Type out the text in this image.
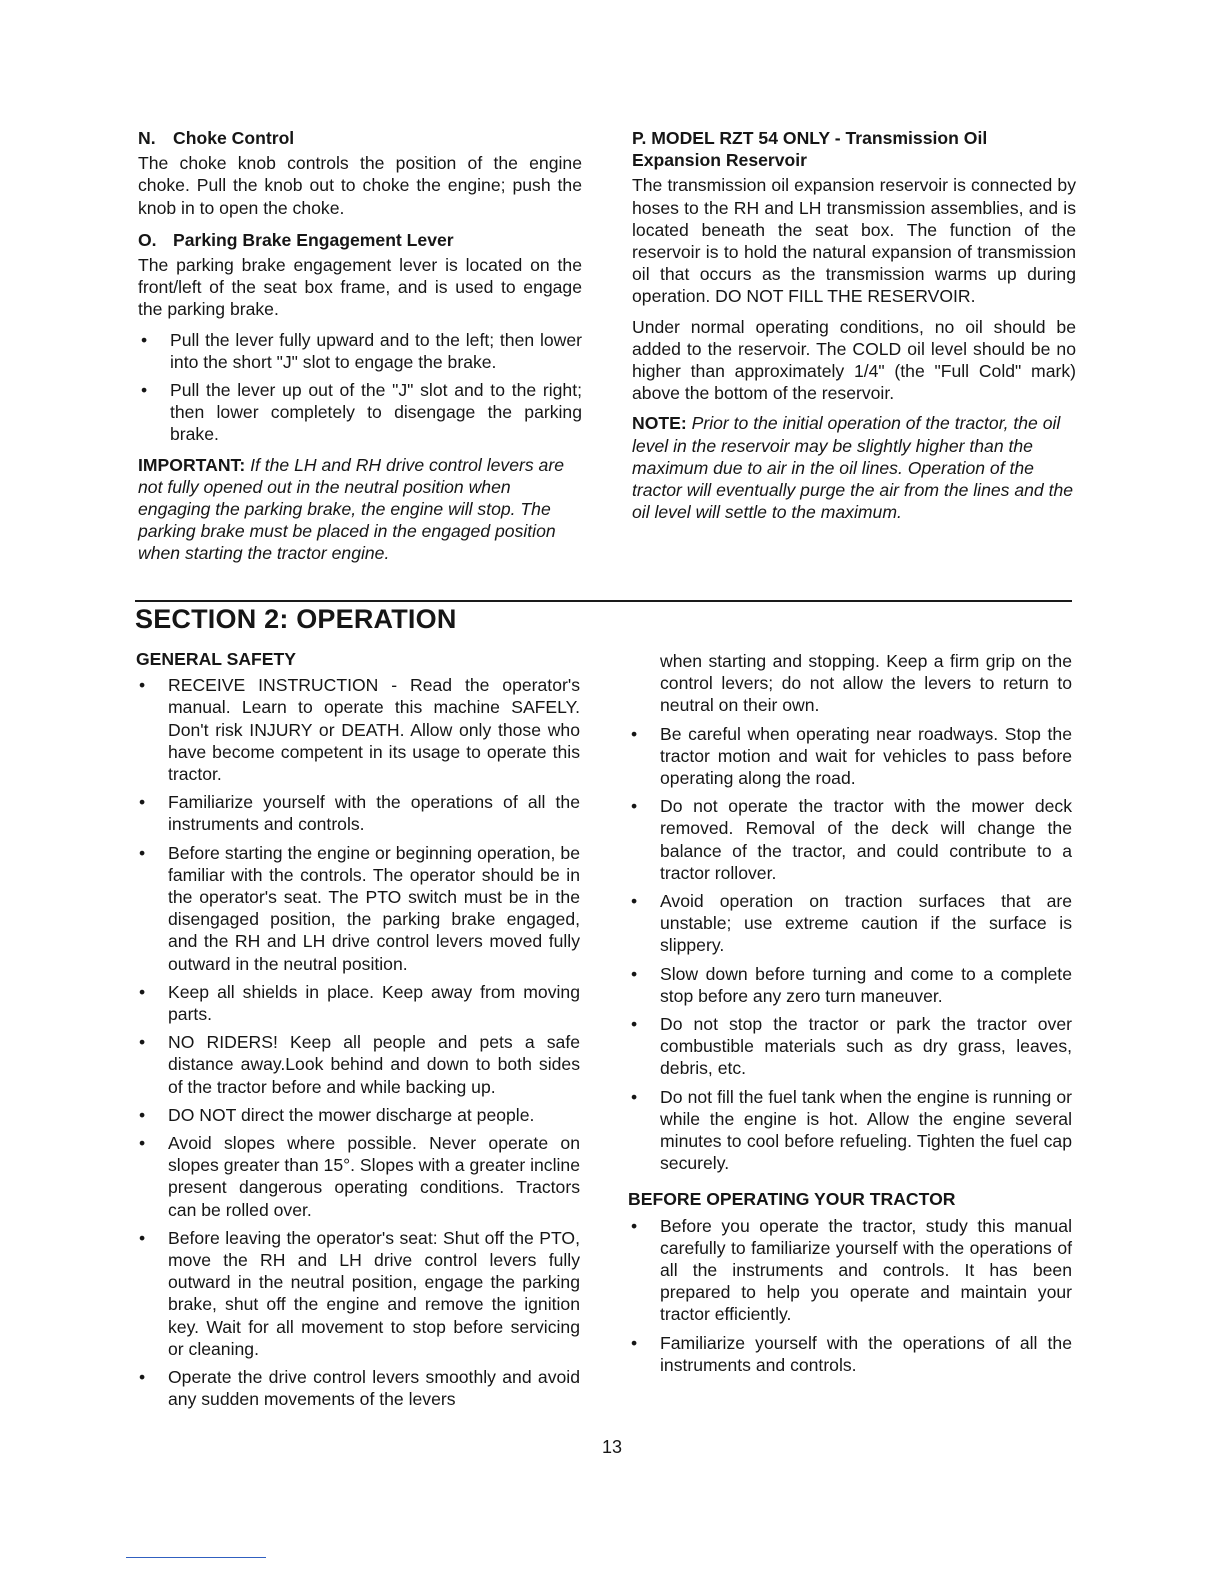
N. Choke Control

The choke knob controls the position of the engine choke. Pull the knob out to choke the engine; push the knob in to open the choke.

O. Parking Brake Engagement Lever

The parking brake engagement lever is located on the front/left of the seat box frame, and is used to engage the parking brake.

• Pull the lever fully upward and to the left; then lower into the short "J" slot to engage the brake.
• Pull the lever up out of the "J" slot and to the right; then lower completely to disengage the parking brake.

IMPORTANT: If the LH and RH drive control levers are not fully opened out in the neutral position when engaging the parking brake, the engine will stop. The parking brake must be placed in the engaged position when starting the tractor engine.

P. MODEL RZT 54 ONLY - Transmission Oil Expansion Reservoir

The transmission oil expansion reservoir is connected by hoses to the RH and LH transmission assemblies, and is located beneath the seat box. The function of the reservoir is to hold the natural expansion of transmission oil that occurs as the transmission warms up during operation. DO NOT FILL THE RESERVOIR.

Under normal operating conditions, no oil should be added to the reservoir. The COLD oil level should be no higher than approximately 1/4" (the "Full Cold" mark) above the bottom of the reservoir.

NOTE: Prior to the initial operation of the tractor, the oil level in the reservoir may be slightly higher than the maximum due to air in the oil lines. Operation of the tractor will eventually purge the air from the lines and the oil level will settle to the maximum.

SECTION 2: OPERATION
GENERAL SAFETY
• RECEIVE INSTRUCTION - Read the operator's manual. Learn to operate this machine SAFELY. Don't risk INJURY or DEATH. Allow only those who have become competent in its usage to operate this tractor.
• Familiarize yourself with the operations of all the instruments and controls.
• Before starting the engine or beginning operation, be familiar with the controls. The operator should be in the operator's seat. The PTO switch must be in the disengaged position, the parking brake engaged, and the RH and LH drive control levers moved fully outward in the neutral position.
• Keep all shields in place. Keep away from moving parts.
• NO RIDERS! Keep all people and pets a safe distance away.Look behind and down to both sides of the tractor before and while backing up.
• DO NOT direct the mower discharge at people.
• Avoid slopes where possible. Never operate on slopes greater than 15°. Slopes with a greater incline present dangerous operating conditions. Tractors can be rolled over.
• Before leaving the operator's seat: Shut off the PTO, move the RH and LH drive control levers fully outward in the neutral position, engage the parking brake, shut off the engine and remove the ignition key. Wait for all movement to stop before servicing or cleaning.
• Operate the drive control levers smoothly and avoid any sudden movements of the levers
when starting and stopping. Keep a firm grip on the control levers; do not allow the levers to return to neutral on their own.
• Be careful when operating near roadways. Stop the tractor motion and wait for vehicles to pass before operating along the road.
• Do not operate the tractor with the mower deck removed. Removal of the deck will change the balance of the tractor, and could contribute to a tractor rollover.
• Avoid operation on traction surfaces that are unstable; use extreme caution if the surface is slippery.
• Slow down before turning and come to a complete stop before any zero turn maneuver.
• Do not stop the tractor or park the tractor over combustible materials such as dry grass, leaves, debris, etc.
• Do not fill the fuel tank when the engine is running or while the engine is hot. Allow the engine several minutes to cool before refueling. Tighten the fuel cap securely.
BEFORE OPERATING YOUR TRACTOR
• Before you operate the tractor, study this manual carefully to familiarize yourself with the operations of all the instruments and controls. It has been prepared to help you operate and maintain your tractor efficiently.
• Familiarize yourself with the operations of all the instruments and controls.
13
